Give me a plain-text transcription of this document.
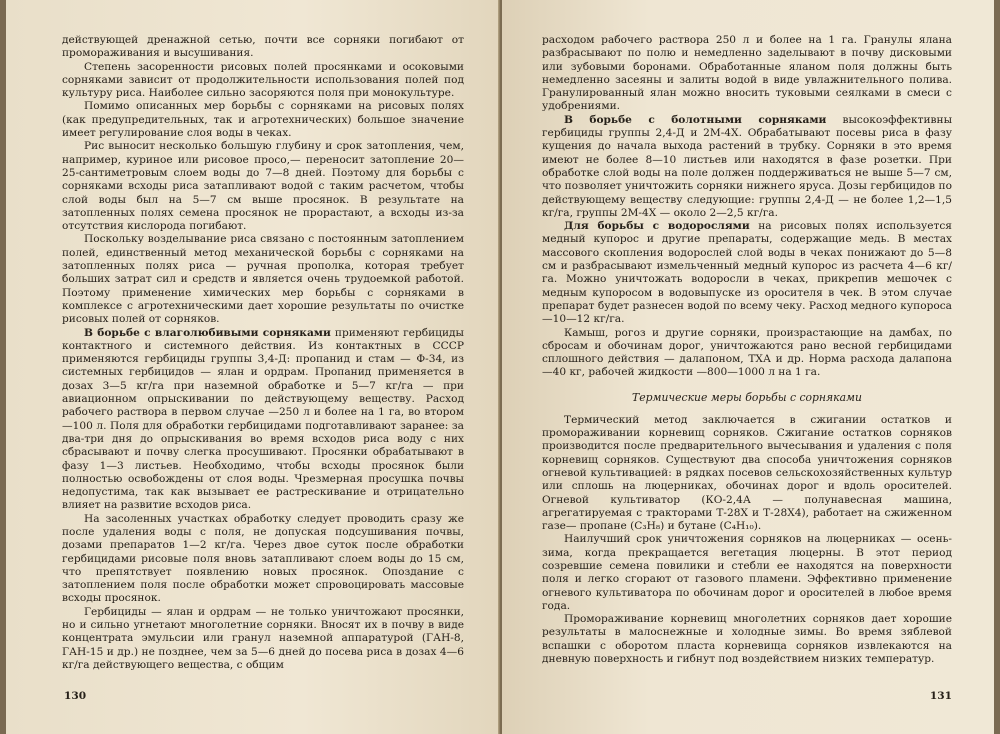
действующей дренажной сетью, почти все сорняки погибают от промораживания и высушивания.

Степень засоренности рисовых полей просянками и осоковыми сорняками зависит от продолжительности использования полей под культуру риса. Наиболее сильно засоряются поля при монокультуре.

Помимо описанных мер борьбы с сорняками на рисовых полях (как предупредительных, так и агротехнических) большое значение имеет регулирование слоя воды в чеках.

Рис выносит несколько большую глубину и срок затопления, чем, например, куриное или рисовое просо,— переносит затопление 20—25-сантиметровым слоем воды до 7—8 дней. Поэтому для борьбы с сорняками всходы риса затапливают водой с таким расчетом, чтобы слой воды был на 5—7 см выше просянок. В результате на затопленных полях семена просянок не прорастают, а всходы из-за отсутствия кислорода погибают.

Поскольку возделывание риса связано с постоянным затоплением полей, единственный метод механической борьбы с сорняками на затопленных полях риса — ручная прополка, которая требует больших затрат сил и средств и является очень трудоемкой работой. Поэтому применение химических мер борьбы с сорняками в комплексе с агротехническими дает хорошие результаты по очистке рисовых полей от сорняков.

В борьбе с влаголюбивыми сорняками применяют гербициды контактного и системного действия. Из контактных в СССР применяются гербициды группы 3,4-Д: пропанид и стам — Ф-34, из системных гербицидов — ялан и ордрам. Пропанид применяется в дозах 3—5 кг/га при наземной обработке и 5—7 кг/га — при авиационном опрыскивании по действующему веществу. Расход рабочего раствора в первом случае —250 л и более на 1 га, во втором —100 л. Поля для обработки гербицидами подготавливают заранее: за два-три дня до опрыскивания во время всходов риса воду с них сбрасывают и почву слегка просушивают. Просянки обрабатывают в фазу 1—3 листьев. Необходимо, чтобы всходы просянок были полностью освобождены от слоя воды. Чрезмерная просушка почвы недопустима, так как вызывает ее растрескивание и отрицательно влияет на развитие всходов риса.

На засоленных участках обработку следует проводить сразу же после удаления воды с поля, не допуская подсушивания почвы, дозами препаратов 1—2 кг/га. Через двое суток после обработки гербицидами рисовые поля вновь затапливают слоем воды до 15 см, что препятствует появлению новых просянок. Опоздание с затоплением поля после обработки может спровоцировать массовые всходы просянок.

Гербициды — ялан и ордрам — не только уничтожают просянки, но и сильно угнетают многолетние сорняки. Вносят их в почву в виде концентрата эмульсии или гранул наземной аппаратурой (ГАН-8, ГАН-15 и др.) не позднее, чем за 5—6 дней до посева риса в дозах 4—6 кг/га действующего вещества, с общим

130

расходом рабочего раствора 250 л и более на 1 га. Гранулы ялана разбрасывают по полю и немедленно заделывают в почву дисковыми или зубовыми боронами. Обработанные яланом поля должны быть немедленно засеяны и залиты водой в виде увлажнительного полива. Гранулированный ялан можно вносить туковыми сеялками в смеси с удобрениями.

В борьбе с болотными сорняками высокоэффективны гербициды группы 2,4-Д и 2М-4Х. Обрабатывают посевы риса в фазу кущения до начала выхода растений в трубку. Сорняки в это время имеют не более 8—10 листьев или находятся в фазе розетки. При обработке слой воды на поле должен поддерживаться не выше 5—7 см, что позволяет уничтожить сорняки нижнего яруса. Дозы гербицидов по действующему веществу следующие: группы 2,4-Д — не более 1,2—1,5 кг/га, группы 2М-4Х — около 2—2,5 кг/га.

Для борьбы с водорослями на рисовых полях используется медный купорос и другие препараты, содержащие медь. В местах массового скопления водорослей слой воды в чеках понижают до 5—8 см и разбрасывают измельченный медный купорос из расчета 4—6 кг/га. Можно уничтожать водоросли в чеках, прикрепив мешочек с медным купоросом в водовыпуске из оросителя в чек. В этом случае препарат будет разнесен водой по всему чеку. Расход медного купороса —10—12 кг/га.

Камыш, рогоз и другие сорняки, произрастающие на дамбах, по сбросам и обочинам дорог, уничтожаются рано весной гербицидами сплошного действия — далапоном, ТХА и др. Норма расхода далапона —40 кг, рабочей жидкости —800—1000 л на 1 га.

Термические меры борьбы с сорняками

Термический метод заключается в сжигании остатков и промораживании корневищ сорняков. Сжигание остатков сорняков производится после предварительного вычесывания и удаления с поля корневищ сорняков. Существуют два способа уничтожения сорняков огневой культивацией: в рядках посевов сельскохозяйственных культур или сплошь на люцерниках, обочинах дорог и вдоль оросителей. Огневой культиватор (КО-2,4А — полунавесная машина, агрегатируемая с тракторами Т-28Х и Т-28Х4), работает на сжиженном газе— пропане (C₃H₈) и бутане (C₄H₁₀).

Наилучший срок уничтожения сорняков на люцерниках — осень-зима, когда прекращается вегетация люцерны. В этот период созревшие семена повилики и стебли ее находятся на поверхности поля и легко сгорают от газового пламени. Эффективно применение огневого культиватора по обочинам дорог и оросителей в любое время года.

Промораживание корневищ многолетних сорняков дает хорошие результаты в малоснежные и холодные зимы. Во время зяблевой вспашки с оборотом пласта корневища сорняков извлекаются на дневную поверхность и гибнут под воздействием низких температур.

131
